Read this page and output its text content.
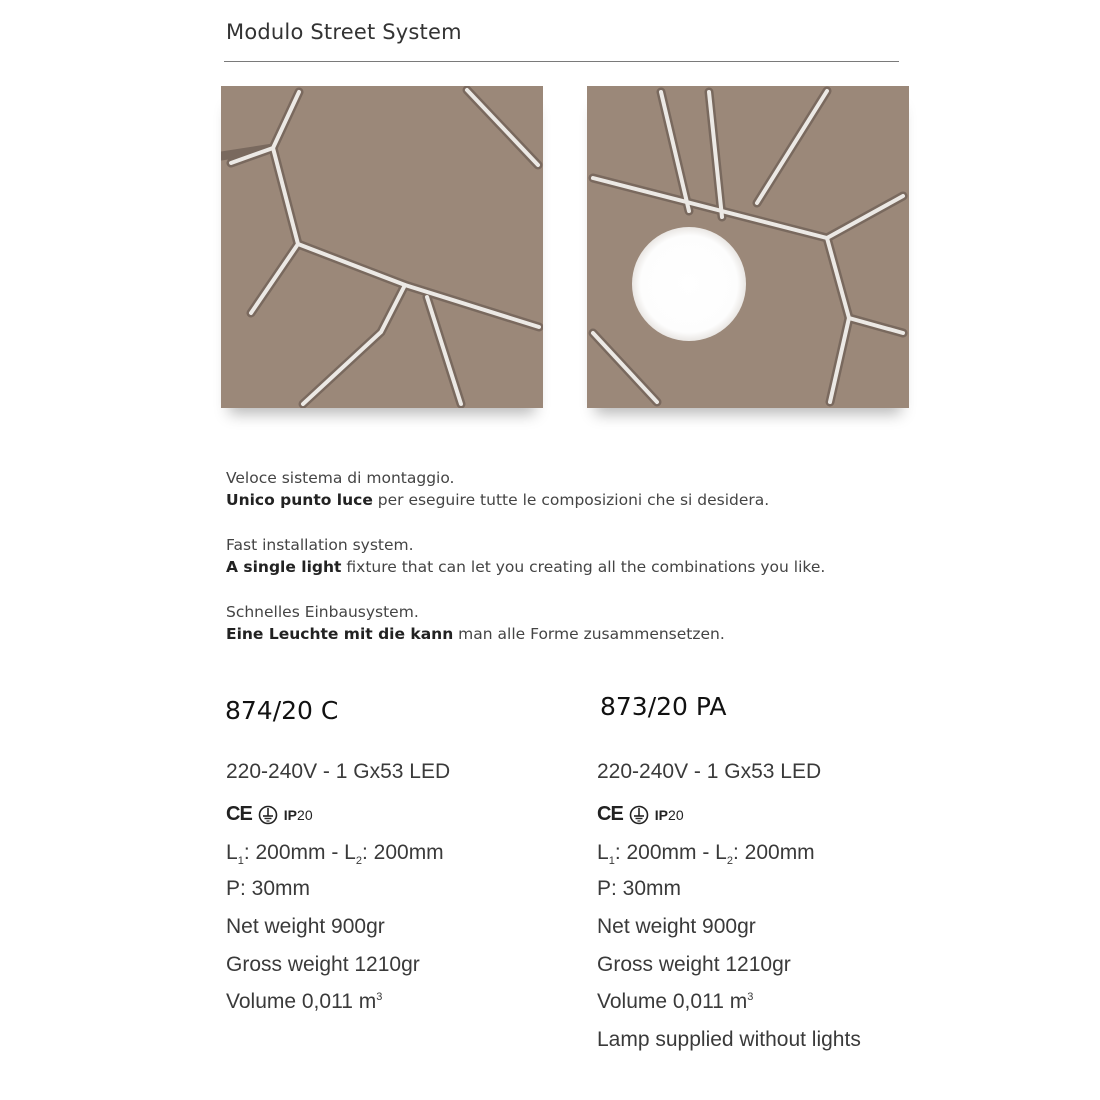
Modulo Street System
Veloce sistema di montaggio.
Unico punto luce per eseguire tutte le composizioni che si desidera.
Fast installation system.
A single light fixture that can let you creating all the combinations you like.
Schnelles Einbausystem.
Eine Leuchte mit die kann man alle Forme zusammensetzen.
874/20 C
220-240V - 1 Gx53 LED
CE IP20
$L_1$: $200mm - L_2$: 200mm
P: 30mm
Net weight 900gr
Gross weight 1210gr
Volume 0,011 $m^3$
873/20 PA
220-240V - 1 Gx53 LED
CE IP20
$L_1$: $200mm - L_2$: 200mm
P: 30mm
Net weight 900gr
Gross weight 1210gr
Volume 0,011 $m^3$
Lamp supplied without lights
